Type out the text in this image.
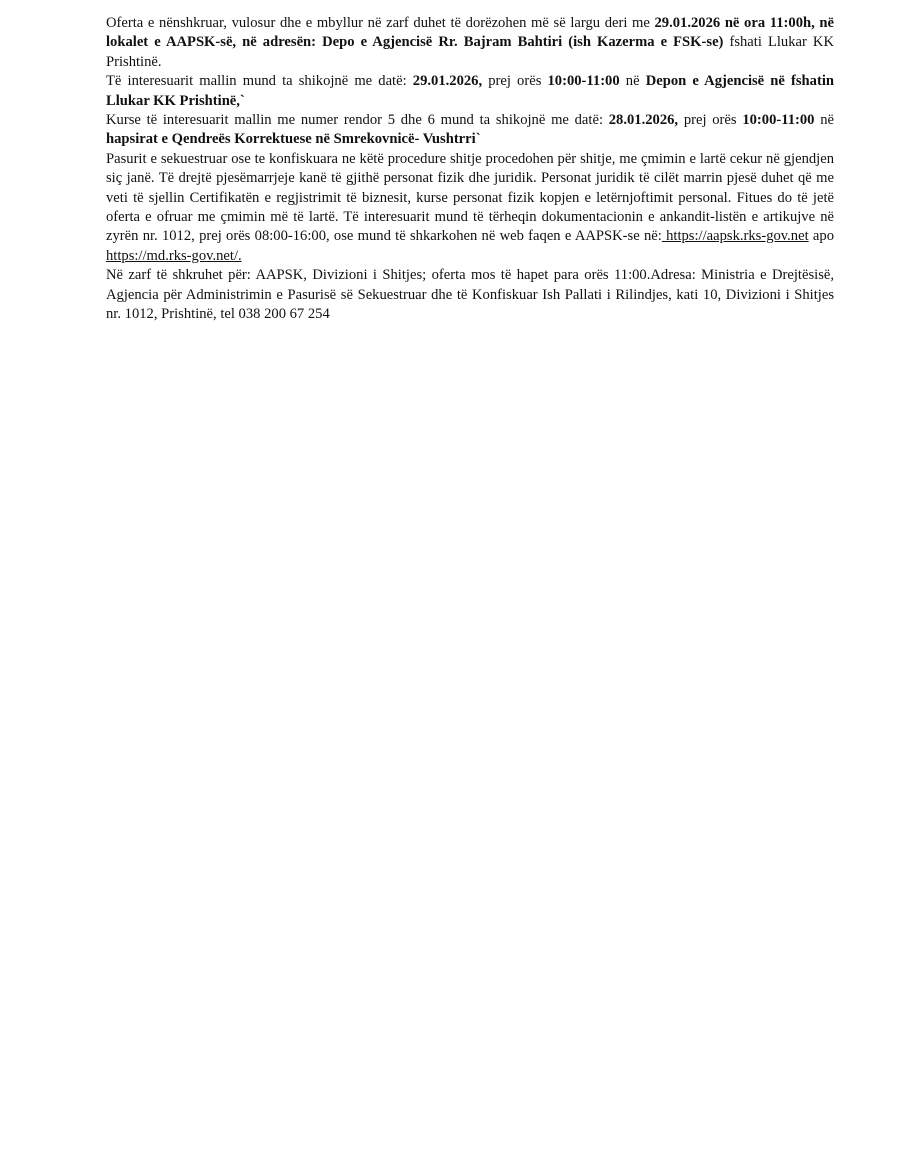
Oferta e nënshkruar, vulosur dhe e mbyllur në zarf duhet të dorëzohen më së largu deri me 29.01.2026 në ora 11:00h, në lokalet e AAPSK-së, në adresën: Depo e Agjencisë Rr. Bajram Bahtiri (ish Kazerma e FSK-se) fshati Llukar KK Prishtinë.

Të interesuarit mallin mund ta shikojnë me datë: 29.01.2026, prej orës 10:00-11:00 në Depon e Agjencisë në fshatin Llukar KK Prishtinë,`

Kurse të interesuarit mallin me numer rendor 5 dhe 6 mund ta shikojnë me datë: 28.01.2026, prej orës 10:00-11:00 në hapsirat e Qendreës Korrektuese në Smrekovnicë- Vushtrri`

Pasurit e sekuestruar ose te konfiskuara ne këtë procedure shitje procedohen për shitje, me çmimin e lartë cekur në gjendjen siç janë. Të drejtë pjesëmarrjeje kanë të gjithë personat fizik dhe juridik. Personat juridik të cilët marrin pjesë duhet që me veti të sjellin Certifikatën e regjistrimit të biznesit, kurse personat fizik kopjen e letërnjoftimit personal. Fitues do të jetë oferta e ofruar me çmimin më të lartë. Të interesuarit mund të tërheqin dokumentacionin e ankandit-listën e artikujve në zyrën nr. 1012, prej orës 08:00-16:00, ose mund të shkarkohen në web faqen e AAPSK-se në: https://aapsk.rks-gov.net apo https://md.rks-gov.net/.

Në zarf të shkruhet për: AAPSK, Divizioni i Shitjes; oferta mos të hapet para orës 11:00.Adresa: Ministria e Drejtësisë, Agjencia për Administrimin e Pasurisë së Sekuestruar dhe të Konfiskuar Ish Pallati i Rilindjes, kati 10, Divizioni i Shitjes nr. 1012, Prishtinë, tel 038 200 67 254
